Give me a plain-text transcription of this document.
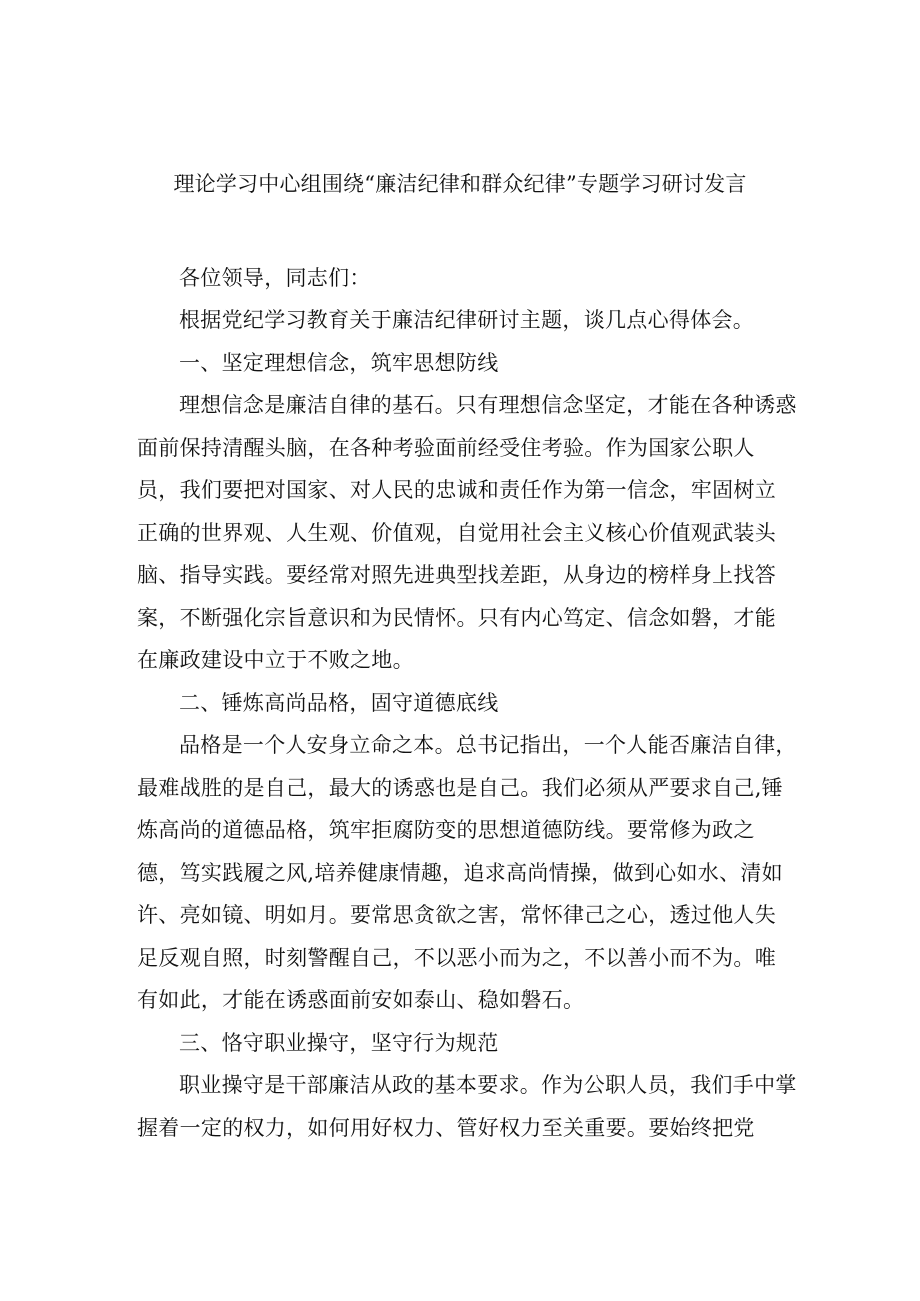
理论学习中心组围绕“廉洁纪律和群众纪律”专题学习研讨发言

各位领导，同志们：

根据党纪学习教育关于廉洁纪律研讨主题，谈几点心得体会。

一、坚定理想信念，筑牢思想防线

理想信念是廉洁自律的基石。只有理想信念坚定，才能在各种诱惑面前保持清醒头脑，在各种考验面前经受住考验。作为国家公职人员，我们要把对国家、对人民的忠诚和责任作为第一信念，牢固树立正确的世界观、人生观、价值观，自觉用社会主义核心价值观武装头脑、指导实践。要经常对照先进典型找差距，从身边的榜样身上找答案，不断强化宗旨意识和为民情怀。只有内心笃定、信念如磐，才能在廉政建设中立于不败之地。

二、锤炼高尚品格，固守道德底线

品格是一个人安身立命之本。总书记指出，一个人能否廉洁自律，最难战胜的是自己，最大的诱惑也是自己。我们必须从严要求自己,锤炼高尚的道德品格，筑牢拒腐防变的思想道德防线。要常修为政之德，笃实践履之风,培养健康情趣，追求高尚情操，做到心如水、清如许、亮如镜、明如月。要常思贪欲之害，常怀律己之心，透过他人失足反观自照，时刻警醒自己，不以恶小而为之，不以善小而不为。唯有如此，才能在诱惑面前安如泰山、稳如磐石。

三、恪守职业操守，坚守行为规范

职业操守是干部廉洁从政的基本要求。作为公职人员，我们手中掌握着一定的权力，如何用好权力、管好权力至关重要。要始终把党
